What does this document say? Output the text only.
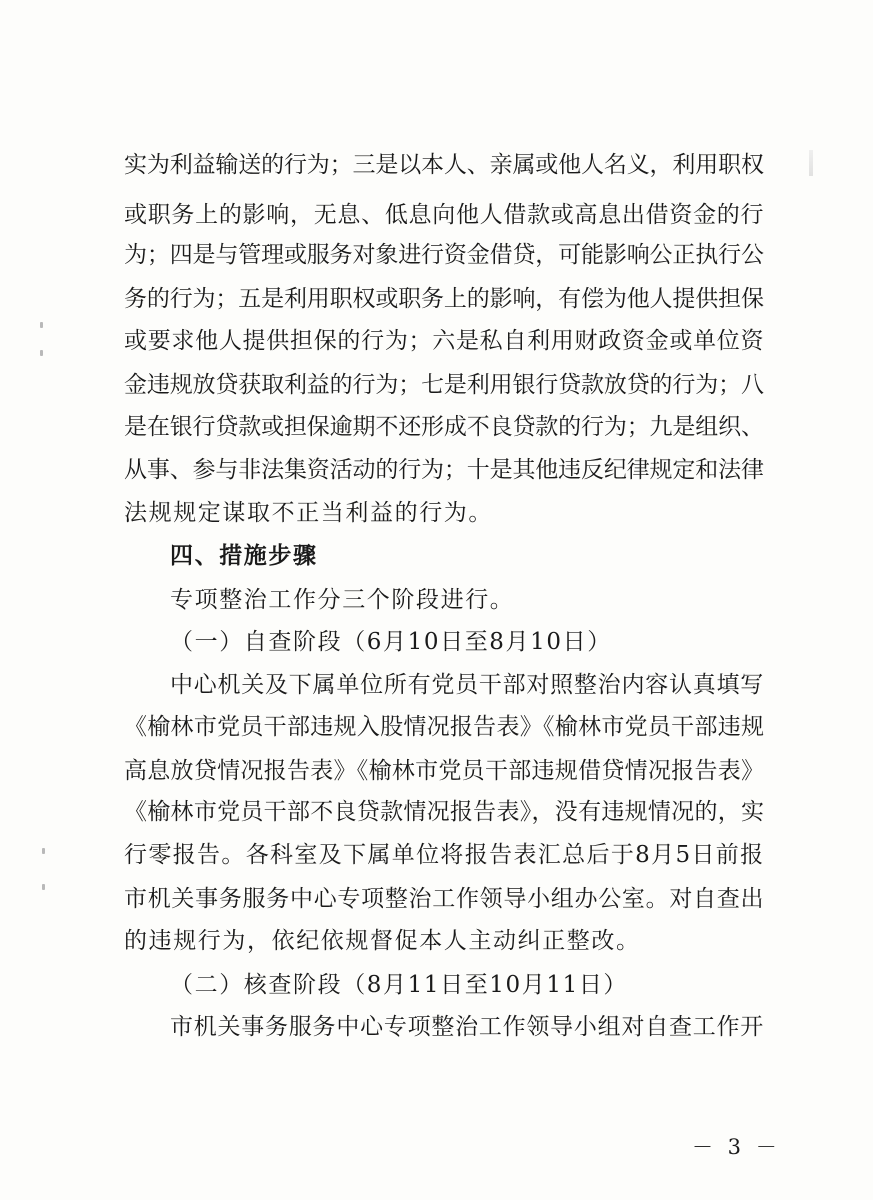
实为利益输送的行为；三是以本人、亲属或他人名义，利用职权
或职务上的影响，无息、低息向他人借款或高息出借资金的行
为；四是与管理或服务对象进行资金借贷，可能影响公正执行公
务的行为；五是利用职权或职务上的影响，有偿为他人提供担保
或要求他人提供担保的行为；六是私自利用财政资金或单位资
金违规放贷获取利益的行为；七是利用银行贷款放贷的行为；八
是在银行贷款或担保逾期不还形成不良贷款的行为；九是组织、
从事、参与非法集资活动的行为；十是其他违反纪律规定和法律
法规规定谋取不正当利益的行为。
四、措施步骤
专项整治工作分三个阶段进行。
（一）自查阶段（6月10日至8月10日）
中心机关及下属单位所有党员干部对照整治内容认真填写
《榆林市党员干部违规入股情况报告表》《榆林市党员干部违规
高息放贷情况报告表》《榆林市党员干部违规借贷情况报告表》
《榆林市党员干部不良贷款情况报告表》，没有违规情况的，实
行零报告。各科室及下属单位将报告表汇总后于8月5日前报
市机关事务服务中心专项整治工作领导小组办公室。对自查出
的违规行为，依纪依规督促本人主动纠正整改。
（二）核查阶段（8月11日至10月11日）
市机关事务服务中心专项整治工作领导小组对自查工作开
－ 3 －
